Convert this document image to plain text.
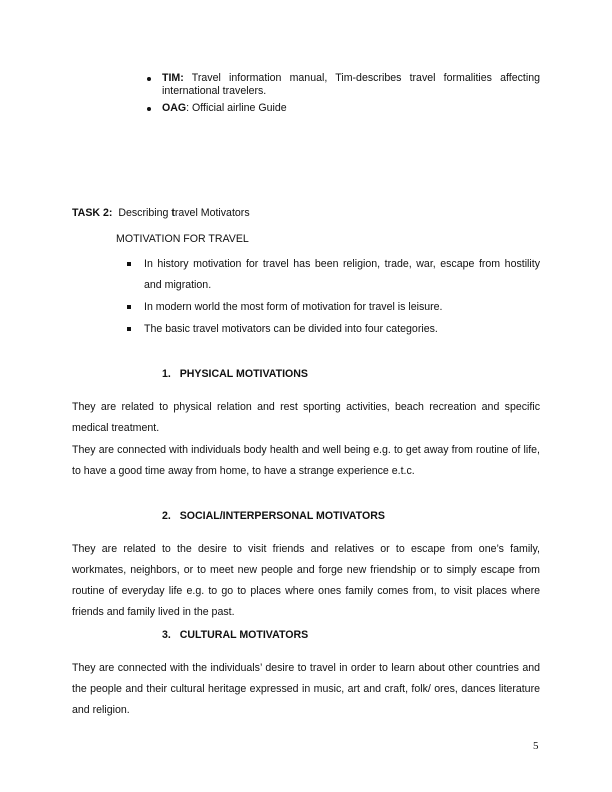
TIM: Travel information manual, Tim-describes travel formalities affecting international travelers.
OAG: Official airline Guide
TASK 2: Describing travel Motivators
MOTIVATION FOR TRAVEL
In history motivation for travel has been religion, trade, war, escape from hostility and migration.
In modern world the most form of motivation for travel is leisure.
The basic travel motivators can be divided into four categories.
1. PHYSICAL MOTIVATIONS
They are related to physical relation and rest sporting activities, beach recreation and specific medical treatment.
They are connected with individuals body health and well being e.g. to get away from routine of life, to have a good time away from home, to have a strange experience e.t.c.
2. SOCIAL/INTERPERSONAL MOTIVATORS
They are related to the desire to visit friends and relatives or to escape from one’s family, workmates, neighbors, or to meet new people and forge new friendship or to simply escape from routine of everyday life e.g. to go to places where ones family comes from, to visit places where friends and family lived in the past.
3. CULTURAL MOTIVATORS
They are connected with the individuals’ desire to travel in order to learn about other countries and the people and their cultural heritage expressed in music, art and craft, folk/ ores, dances literature and religion.
5
